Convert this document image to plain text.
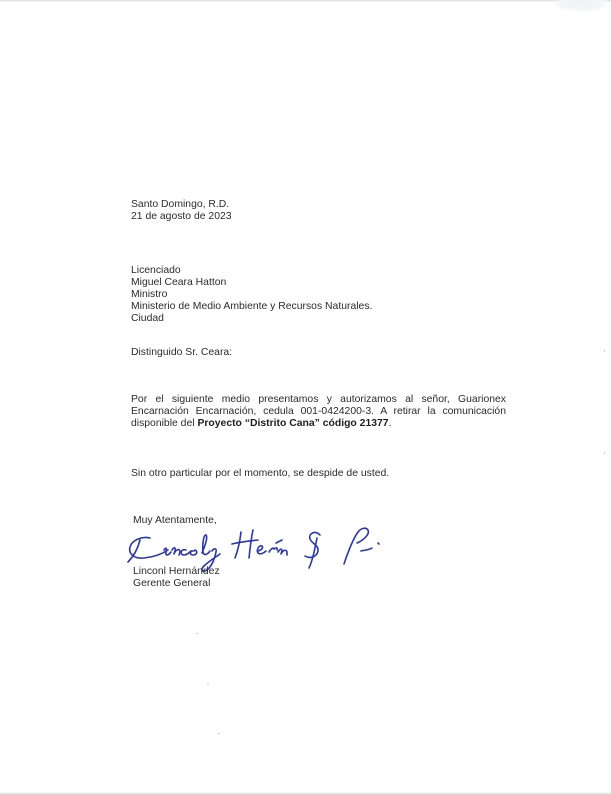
Santo Domingo, R.D.
21 de agosto de 2023
Licenciado
Miguel Ceara Hatton
Ministro
Ministerio de Medio Ambiente y Recursos Naturales.
Ciudad
Distinguido Sr. Ceara:
Por el siguiente medio presentamos y autorizamos al señor, Guarionex Encarnación Encarnación, cedula 001-0424200-3. A retirar la comunicación disponible del Proyecto “Distrito Cana” código 21377.
Sin otro particular por el momento, se despide de usted.
Muy Atentamente,
Linconl Hernández
Gerente General
